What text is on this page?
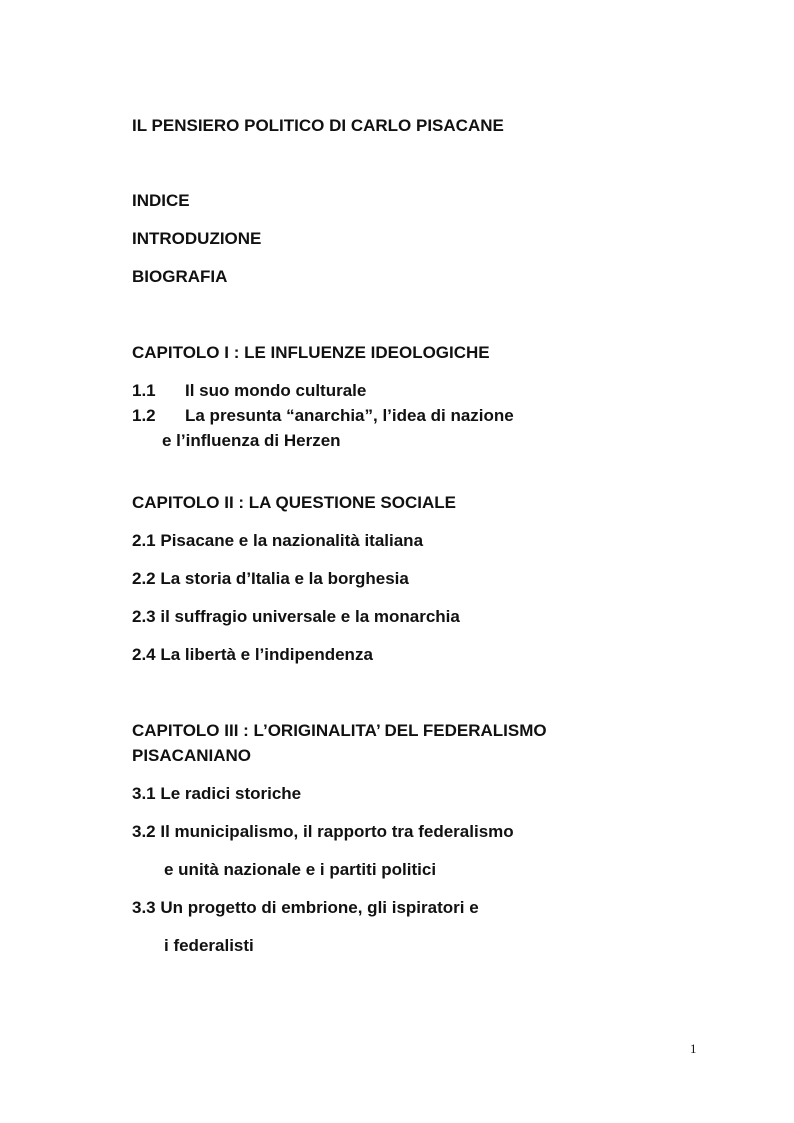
IL PENSIERO POLITICO DI CARLO PISACANE
INDICE
INTRODUZIONE
BIOGRAFIA
CAPITOLO I : LE INFLUENZE IDEOLOGICHE
1.1 Il suo mondo culturale
1.2 La presunta “anarchia”, l’idea di nazione
e l’influenza di Herzen
CAPITOLO II : LA QUESTIONE SOCIALE
2.1 Pisacane e la nazionalità italiana
2.2 La storia d’Italia e la borghesia
2.3 il suffragio universale e la monarchia
2.4 La libertà e l’indipendenza
CAPITOLO III : L’ORIGINALITA’ DEL FEDERALISMO
PISACANIANO
3.1 Le radici storiche
3.2 Il municipalismo, il rapporto tra federalismo
e unità nazionale e i partiti politici
3.3 Un progetto di embrione, gli ispiratori e
i federalisti
1
